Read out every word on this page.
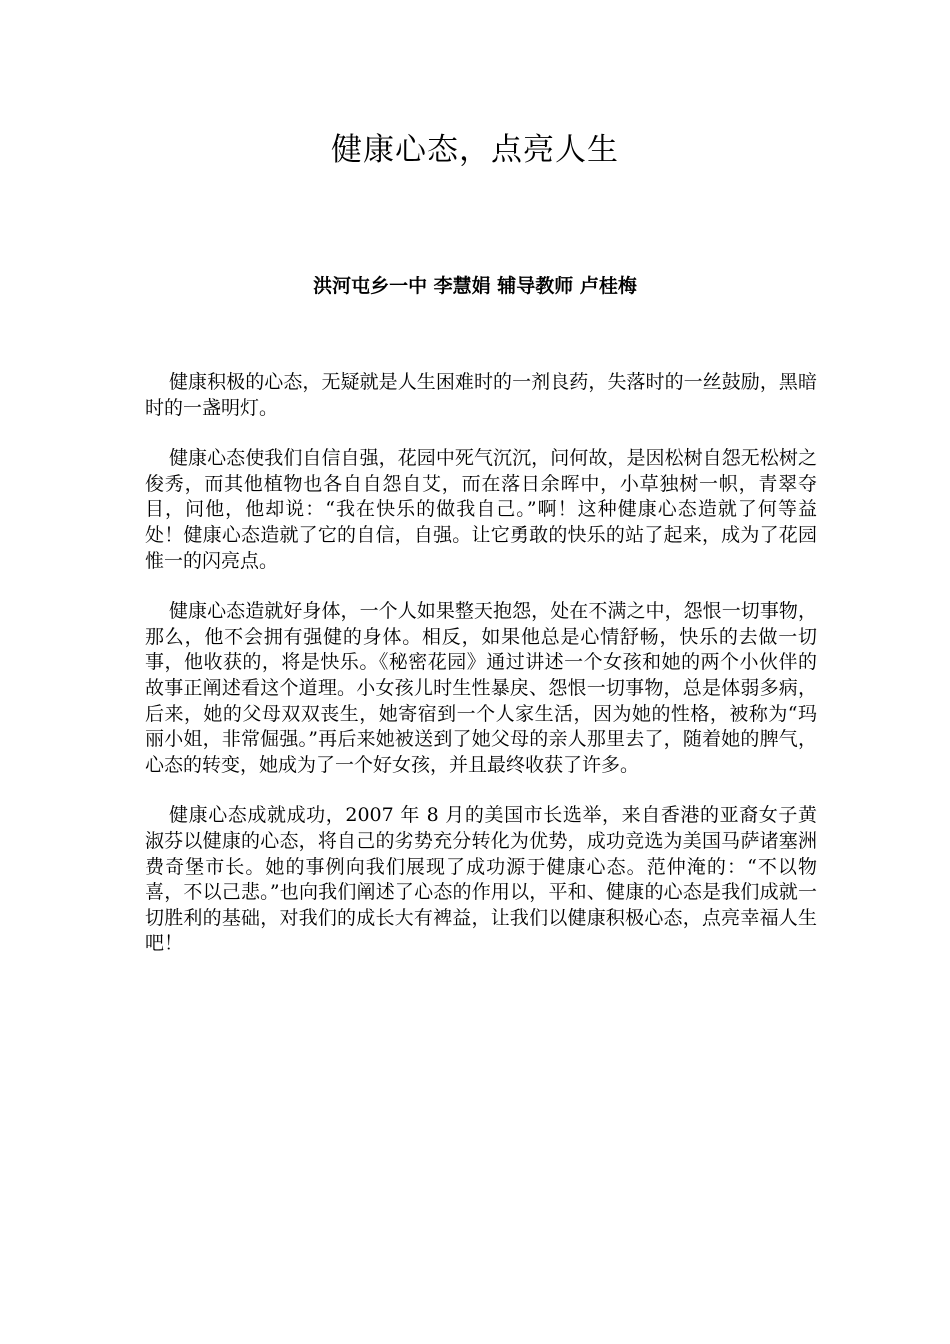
健康心态，点亮人生
洪河屯乡一中 李慧娟 辅导教师 卢桂梅

健康积极的心态，无疑就是人生困难时的一剂良药，失落时的一丝鼓励，黑暗时的一盏明灯。

健康心态使我们自信自强，花园中死气沉沉，问何故，是因松树自怨无松树之俊秀，而其他植物也各自自怨自艾，而在落日余晖中，小草独树一帜，青翠夺目，问他，他却说：“我在快乐的做我自己。”啊！这种健康心态造就了何等益处！健康心态造就了它的自信，自强。让它勇敢的快乐的站了起来，成为了花园惟一的闪亮点。

健康心态造就好身体，一个人如果整天抱怨，处在不满之中，怨恨一切事物，那么，他不会拥有强健的身体。相反，如果他总是心情舒畅，快乐的去做一切事，他收获的，将是快乐。《秘密花园》通过讲述一个女孩和她的两个小伙伴的故事正阐述看这个道理。小女孩儿时生性暴戾、怨恨一切事物，总是体弱多病，后来，她的父母双双丧生，她寄宿到一个人家生活，因为她的性格，被称为“玛丽小姐，非常倔强。”再后来她被送到了她父母的亲人那里去了，随着她的脾气，心态的转变，她成为了一个好女孩，并且最终收获了许多。

健康心态成就成功，2007 年 8 月的美国市长选举，来自香港的亚裔女子黄淑芬以健康的心态，将自己的劣势充分转化为优势，成功竞选为美国马萨诸塞洲费奇堡市长。她的事例向我们展现了成功源于健康心态。范仲淹的：“不以物喜，不以己悲。”也向我们阐述了心态的作用以，平和、健康的心态是我们成就一切胜利的基础，对我们的成长大有裨益，让我们以健康积极心态，点亮幸福人生吧！
